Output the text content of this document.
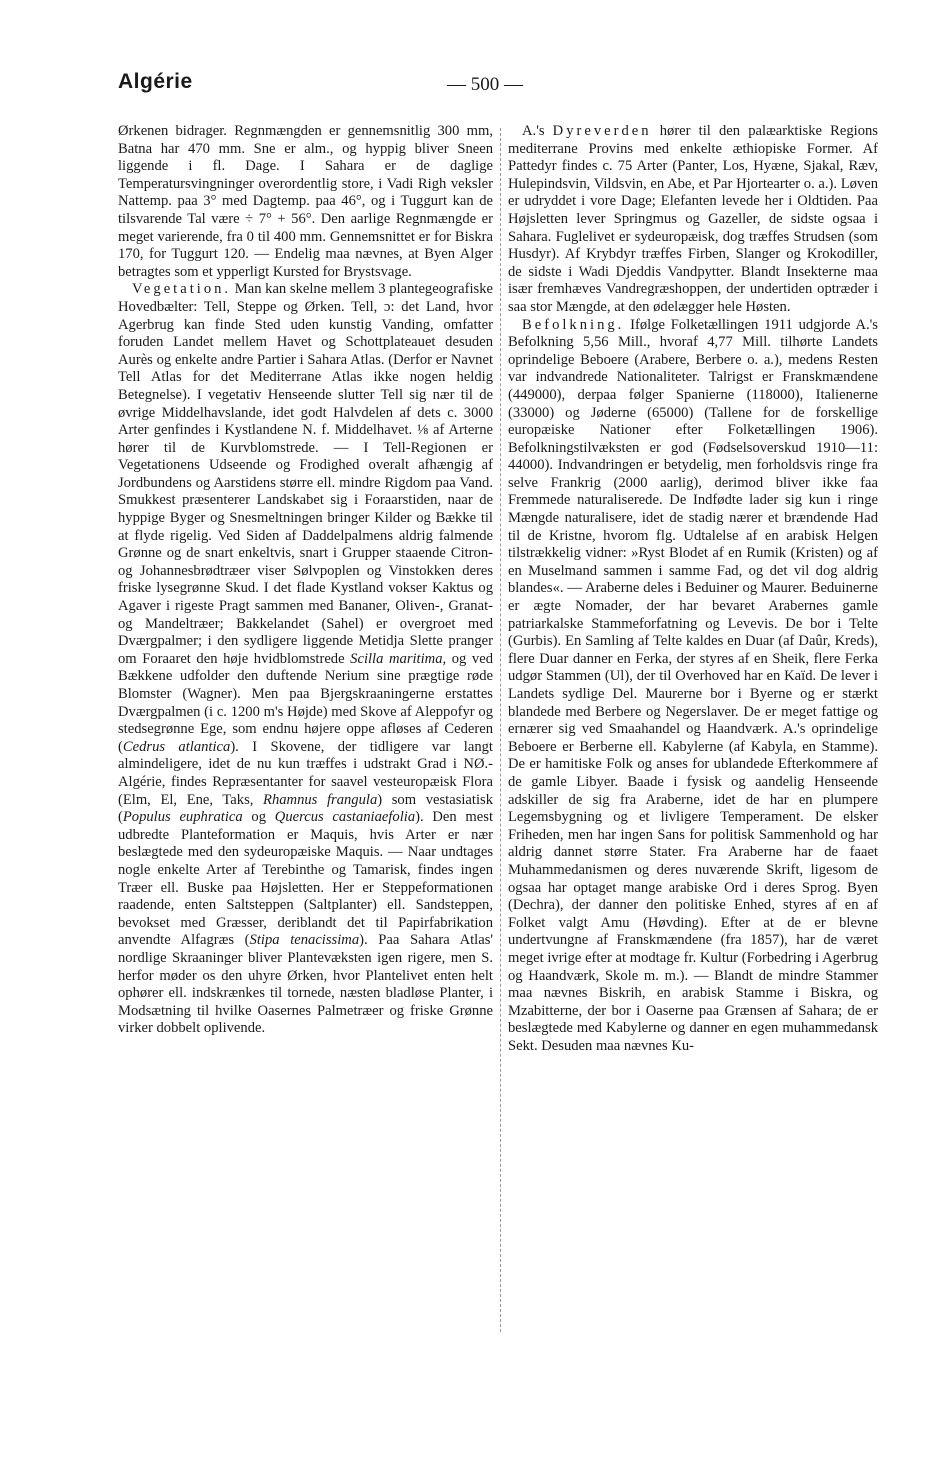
Algérie	— 500 —

Ørkenen bidrager. Regnmængden er gennemsnitlig 300 mm, Batna har 470 mm. Sne er alm., og hyppig bliver Sneen liggende i fl. Dage. I Sahara er de daglige Temperatursvingninger overordentlig store, i Vadi Righ veksler Nattemp. paa 3° med Dagtemp. paa 46°, og i Tuggurt kan de tilsvarende Tal være ÷ 7° + 56°. Den aarlige Regnmængde er meget varierende, fra 0 til 400 mm. Gennemsnittet er for Biskra 170, for Tuggurt 120. — Endelig maa nævnes, at Byen Alger betragtes som et ypperligt Kursted for Brystsvage.

Vegetation. Man kan skelne mellem 3 plantegeografiske Hovedbælter: Tell, Steppe og Ørken. Tell, ɔ: det Land, hvor Agerbrug kan finde Sted uden kunstig Vanding, omfatter foruden Landet mellem Havet og Schottplateauet desuden Aurès og enkelte andre Partier i Sahara Atlas. (Derfor er Navnet Tell Atlas for det Mediterrane Atlas ikke nogen heldig Betegnelse). I vegetativ Henseende slutter Tell sig nær til de øvrige Middelhavslande, idet godt Halvdelen af dets c. 3000 Arter genfindes i Kystlandene N. f. Middelhavet. ⅛ af Arterne hører til de Kurvblomstrede. — I Tell-Regionen er Vegetationens Udseende og Frodighed overalt afhængig af Jordbundens og Aarstidens større ell. mindre Rigdom paa Vand. Smukkest præsenterer Landskabet sig i Foraarstiden, naar de hyppige Byger og Snesmeltningen bringer Kilder og Bække til at flyde rigelig. Ved Siden af Daddelpalmens aldrig falmende Grønne og de snart enkeltvis, snart i Grupper staaende Citron- og Johannesbrødtræer viser Sølvpoplen og Vinstokken deres friske lysegrønne Skud. I det flade Kystland vokser Kaktus og Agaver i rigeste Pragt sammen med Bananer, Oliven-, Granat- og Mandeltræer; Bakkelandet (Sahel) er overgroet med Dværgpalmer; i den sydligere liggende Metidja Slette pranger om Foraaret den høje hvidblomstrede Scilla maritima, og ved Bækkene udfolder den duftende Nerium sine prægtige røde Blomster (Wagner). Men paa Bjergskraaningerne erstattes Dværgpalmen (i c. 1200 m's Højde) med Skove af Aleppofyr og stedsegrønne Ege, som endnu højere oppe afløses af Cederen (Cedrus atlantica). I Skovene, der tidligere var langt almindeligere, idet de nu kun træffes i udstrakt Grad i NØ.-Algérie, findes Repræsentanter for saavel vesteuropæisk Flora (Elm, El, Ene, Taks, Rhamnus frangula) som vestasiatisk (Populus euphratica og Quercus castaniaefolia). Den mest udbredte Planteformation er Maquis, hvis Arter er nær beslægtede med den sydeuropæiske Maquis. — Naar undtages nogle enkelte Arter af Terebinthe og Tamarisk, findes ingen Træer ell. Buske paa Højsletten. Her er Steppeformationen raadende, enten Saltsteppen (Saltplanter) ell. Sandsteppen, bevokset med Græsser, deriblandt det til Papirfabrikation anvendte Alfagræs (Stipa tenacissima). Paa Sahara Atlas' nordlige Skraaninger bliver Plantevæksten igen rigere, men S. herfor møder os den uhyre Ørken, hvor Plantelivet enten helt ophører ell. indskrænkes til tornede, næsten bladløse Planter, i Modsætning til hvilke Oasernes Palmetræer og friske Grønne virker dobbelt oplivende.

A.'s Dyreverden hører til den palæarktiske Regions mediterrane Provins med enkelte æthiopiske Former. Af Pattedyr findes c. 75 Arter (Panter, Los, Hyæne, Sjakal, Ræv, Hulepindsvin, Vildsvin, en Abe, et Par Hjortearter o. a.). Løven er udryddet i vore Dage; Elefanten levede her i Oldtiden. Paa Højsletten lever Springmus og Gazeller, de sidste ogsaa i Sahara. Fuglelivet er sydeuropæisk, dog træffes Strudsen (som Husdyr). Af Krybdyr træffes Firben, Slanger og Krokodiller, de sidste i Wadi Djeddis Vandpytter. Blandt Insekterne maa især fremhæves Vandregræshoppen, der undertiden optræder i saa stor Mængde, at den ødelægger hele Høsten.

Befolkning. Ifølge Folketællingen 1911 udgjorde A.'s Befolkning 5,56 Mill., hvoraf 4,77 Mill. tilhørte Landets oprindelige Beboere (Arabere, Berbere o. a.), medens Resten var indvandrede Nationaliteter. Talrigst er Franskmændene (449000), derpaa følger Spanierne (118000), Italienerne (33000) og Jøderne (65000) (Tallene for de forskellige europæiske Nationer efter Folketællingen 1906). Befolkningstilvæksten er god (Fødselsoverskud 1910—11: 44000). Indvandringen er betydelig, men forholdsvis ringe fra selve Frankrig (2000 aarlig), derimod bliver ikke faa Fremmede naturaliserede. De Indfødte lader sig kun i ringe Mængde naturalisere, idet de stadig nærer et brændende Had til de Kristne, hvorom flg. Udtalelse af en arabisk Helgen tilstrækkelig vidner: »Ryst Blodet af en Rumik (Kristen) og af en Muselmand sammen i samme Fad, og det vil dog aldrig blandes«. — Araberne deles i Beduiner og Maurer. Beduinerne er ægte Nomader, der har bevaret Arabernes gamle patriarkalske Stammeforfatning og Levevis. De bor i Telte (Gurbis). En Samling af Telte kaldes en Duar (af Daûr, Kreds), flere Duar danner en Ferka, der styres af en Sheik, flere Ferka udgør Stammen (Ul), der til Overhoved har en Kaïd. De lever i Landets sydlige Del. Maurerne bor i Byerne og er stærkt blandede med Berbere og Negerslaver. De er meget fattige og ernærer sig ved Smaahandel og Haandværk. A.'s oprindelige Beboere er Berberne ell. Kabylerne (af Kabyla, en Stamme). De er hamitiske Folk og anses for ublandede Efterkommere af de gamle Libyer. Baade i fysisk og aandelig Henseende adskiller de sig fra Araberne, idet de har en plumpere Legemsbygning og et livligere Temperament. De elsker Friheden, men har ingen Sans for politisk Sammenhold og har aldrig dannet større Stater. Fra Araberne har de faaet Muhammedanismen og deres nuværende Skrift, ligesom de ogsaa har optaget mange arabiske Ord i deres Sprog. Byen (Dechra), der danner den politiske Enhed, styres af en af Folket valgt Amu (Høvding). Efter at de er blevne undertvungne af Franskmændene (fra 1857), har de været meget ivrige efter at modtage fr. Kultur (Forbedring i Agerbrug og Haandværk, Skole m. m.). — Blandt de mindre Stammer maa nævnes Biskrih, en arabisk Stamme i Biskra, og Mzabitterne, der bor i Oaserne paa Grænsen af Sahara; de er beslægtede med Kabylerne og danner en egen muhammedansk Sekt. Desuden maa nævnes Ku-
